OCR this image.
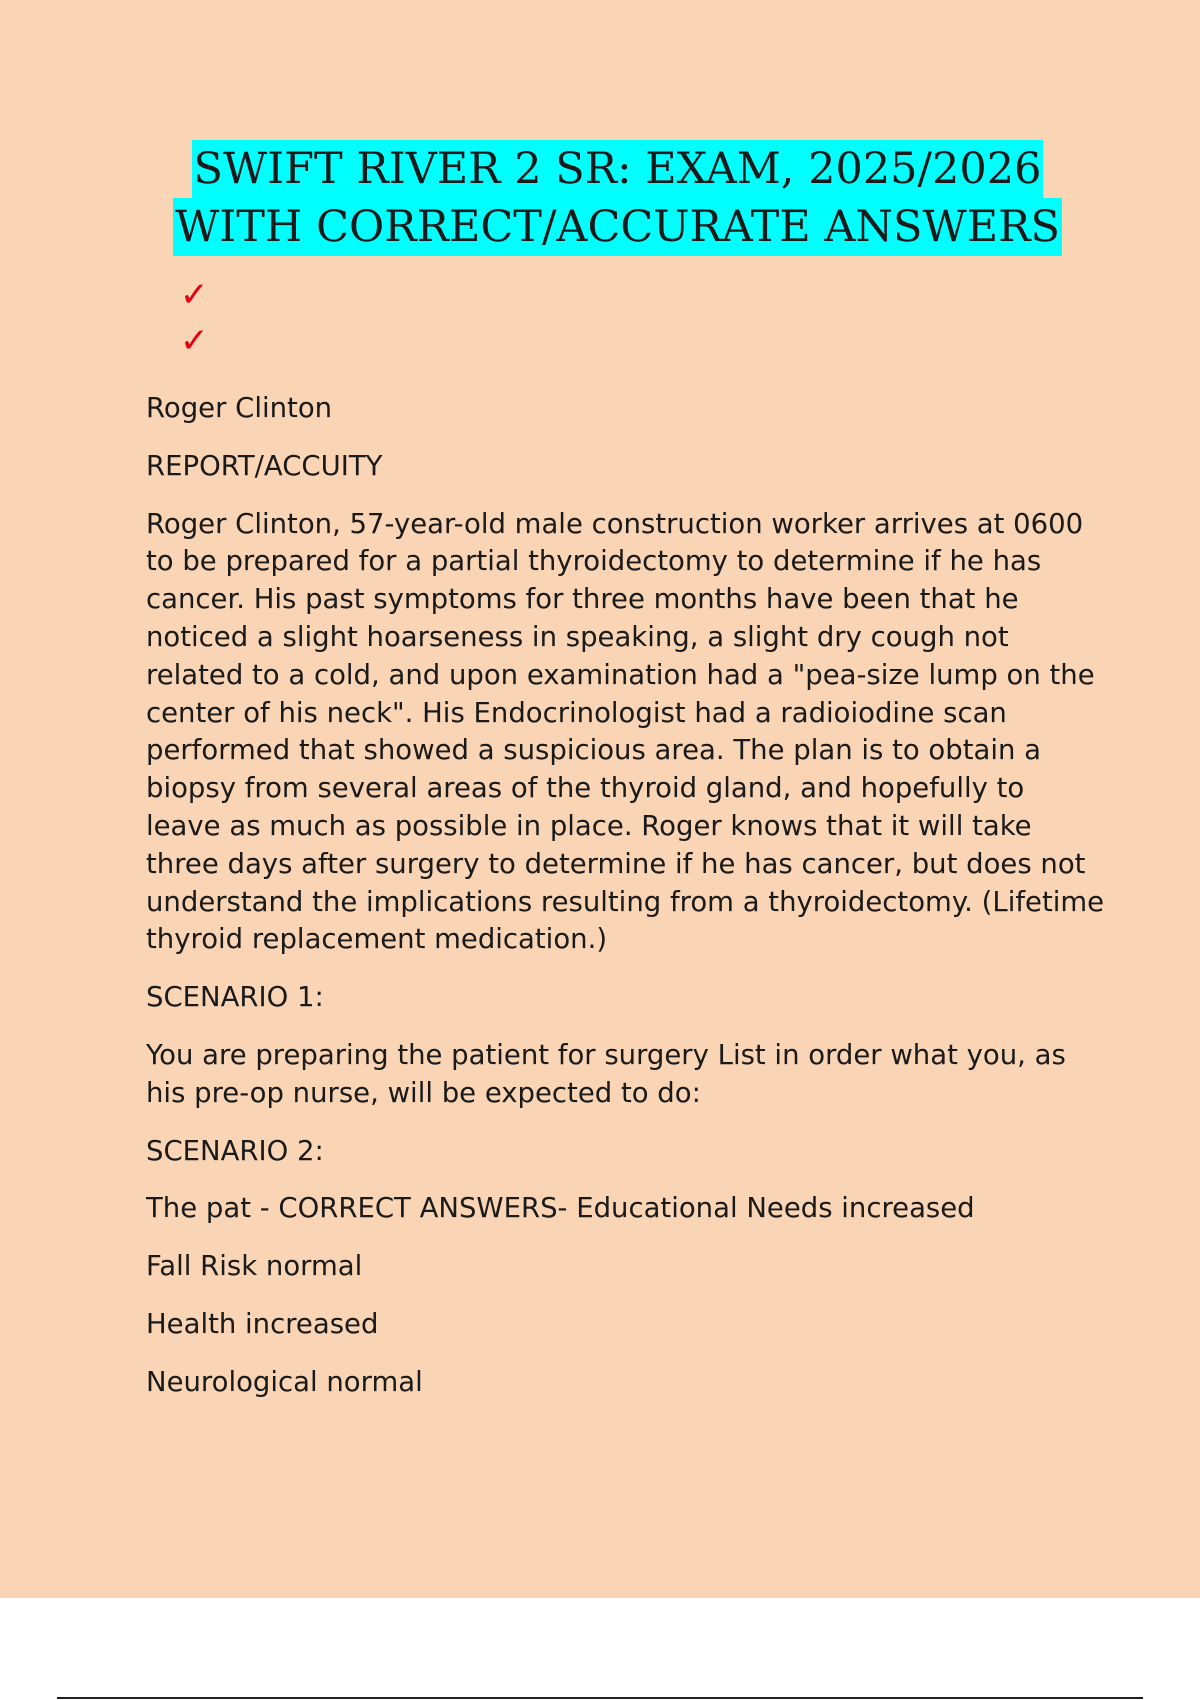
SWIFT RIVER 2 SR: EXAM, 2025/2026
WITH CORRECT/ACCURATE ANSWERS
✓
✓

Roger Clinton

REPORT/ACCUITY

Roger Clinton, 57-year-old male construction worker arrives at 0600 to be prepared for a partial thyroidectomy to determine if he has cancer. His past symptoms for three months have been that he noticed a slight hoarseness in speaking, a slight dry cough not related to a cold, and upon examination had a "pea-size lump on the center of his neck". His Endocrinologist had a radioiodine scan performed that showed a suspicious area. The plan is to obtain a biopsy from several areas of the thyroid gland, and hopefully to leave as much as possible in place. Roger knows that it will take three days after surgery to determine if he has cancer, but does not understand the implications resulting from a thyroidectomy. (Lifetime thyroid replacement medication.)

SCENARIO 1:

You are preparing the patient for surgery List in order what you, as his pre-op nurse, will be expected to do:

SCENARIO 2:

The pat - CORRECT ANSWERS- Educational Needs increased

Fall Risk normal

Health increased

Neurological normal
